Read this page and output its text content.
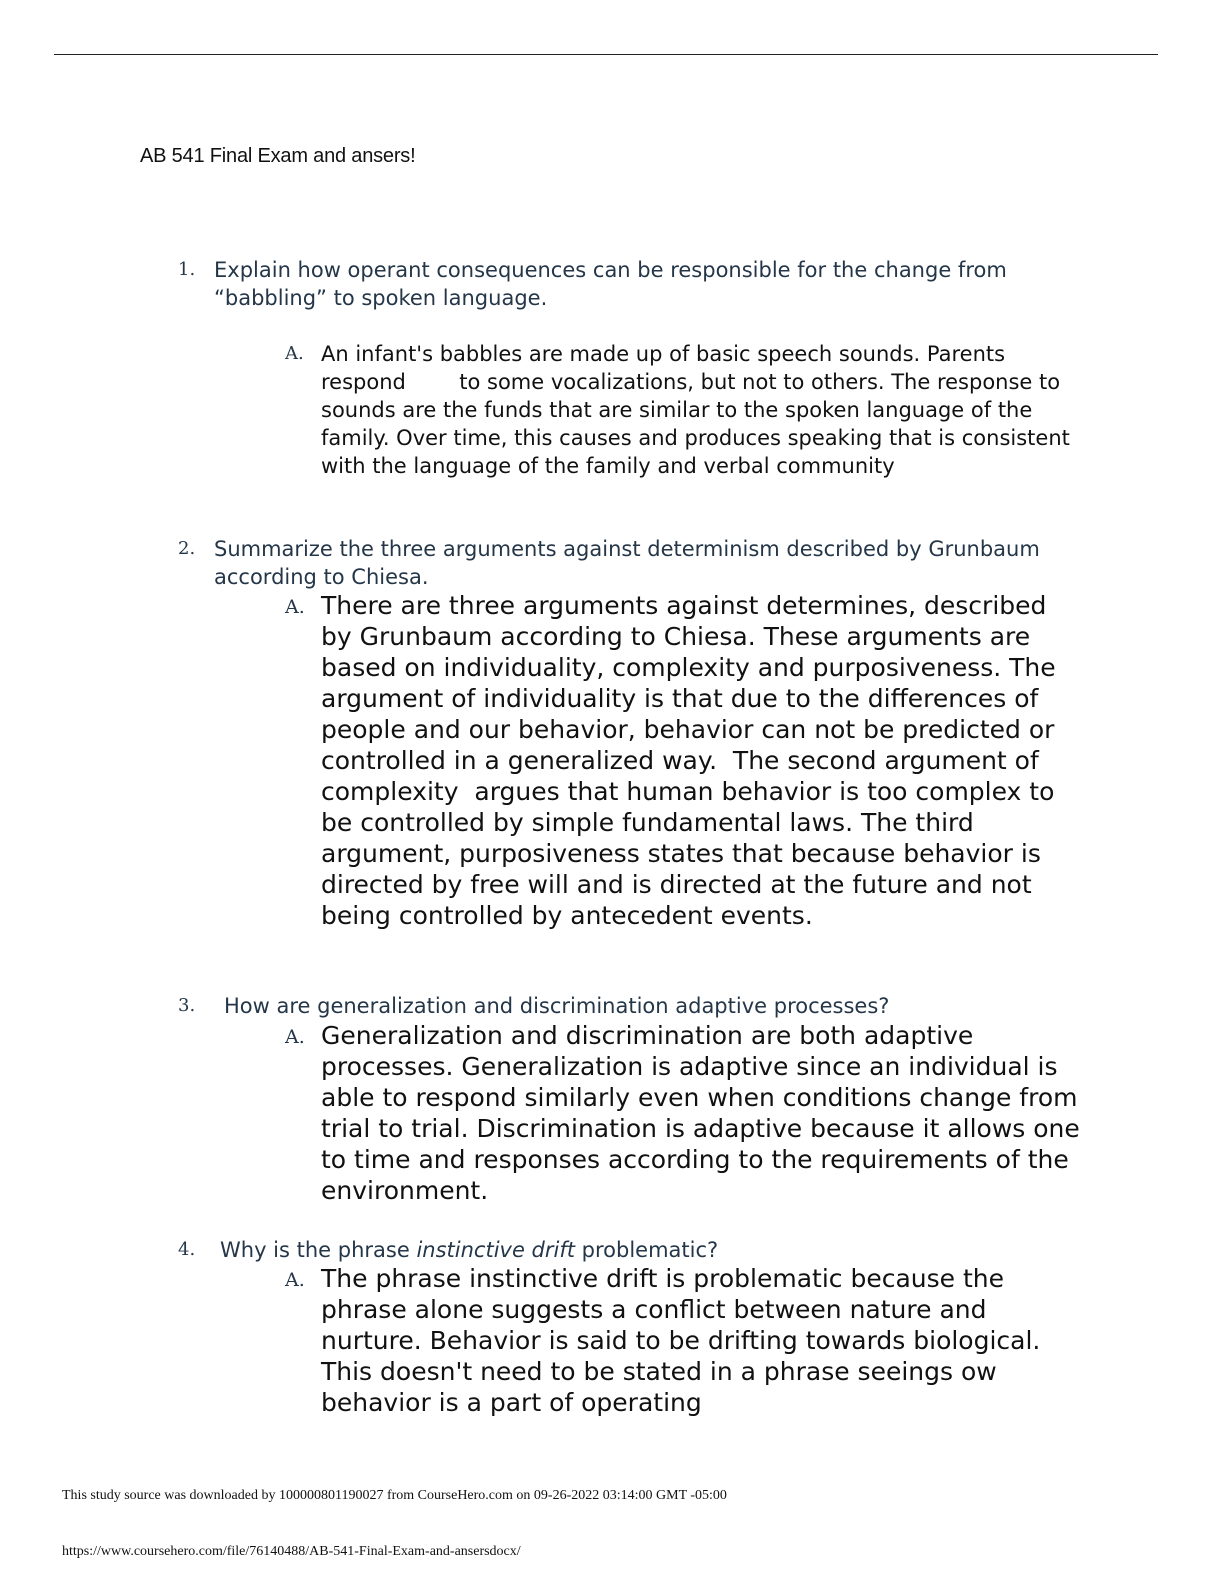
AB 541 Final Exam and ansers!
1. Explain how operant consequences can be responsible for the change from “babbling” to spoken language.
A. An infant's babbles are made up of basic speech sounds. Parents respond        to some vocalizations, but not to others. The response to sounds are the funds that are similar to the spoken language of the family. Over time, this causes and produces speaking that is consistent with the language of the family and verbal community
2. Summarize the three arguments against determinism described by Grunbaum according to Chiesa.
A. There are three arguments against determines, described by Grunbaum according to Chiesa. These arguments are based on individuality, complexity and purposiveness. The argument of individuality is that due to the differences of people and our behavior, behavior can not be predicted or controlled in a generalized way.  The second argument of complexity  argues that human behavior is too complex to be controlled by simple fundamental laws. The third argument, purposiveness states that because behavior is directed by free will and is directed at the future and not being controlled by antecedent events.
3. How are generalization and discrimination adaptive processes?
A. Generalization and discrimination are both adaptive processes. Generalization is adaptive since an individual is able to respond similarly even when conditions change from trial to trial. Discrimination is adaptive because it allows one to time and responses according to the requirements of the environment.
4. Why is the phrase instinctive drift problematic?
A. The phrase instinctive drift is problematic because the phrase alone suggests a conflict between nature and nurture. Behavior is said to be drifting towards biological. This doesn't need to be stated in a phrase seeings ow behavior is a part of operating
This study source was downloaded by 100000801190027 from CourseHero.com on 09-26-2022 03:14:00 GMT -05:00
https://www.coursehero.com/file/76140488/AB-541-Final-Exam-and-ansersdocx/
